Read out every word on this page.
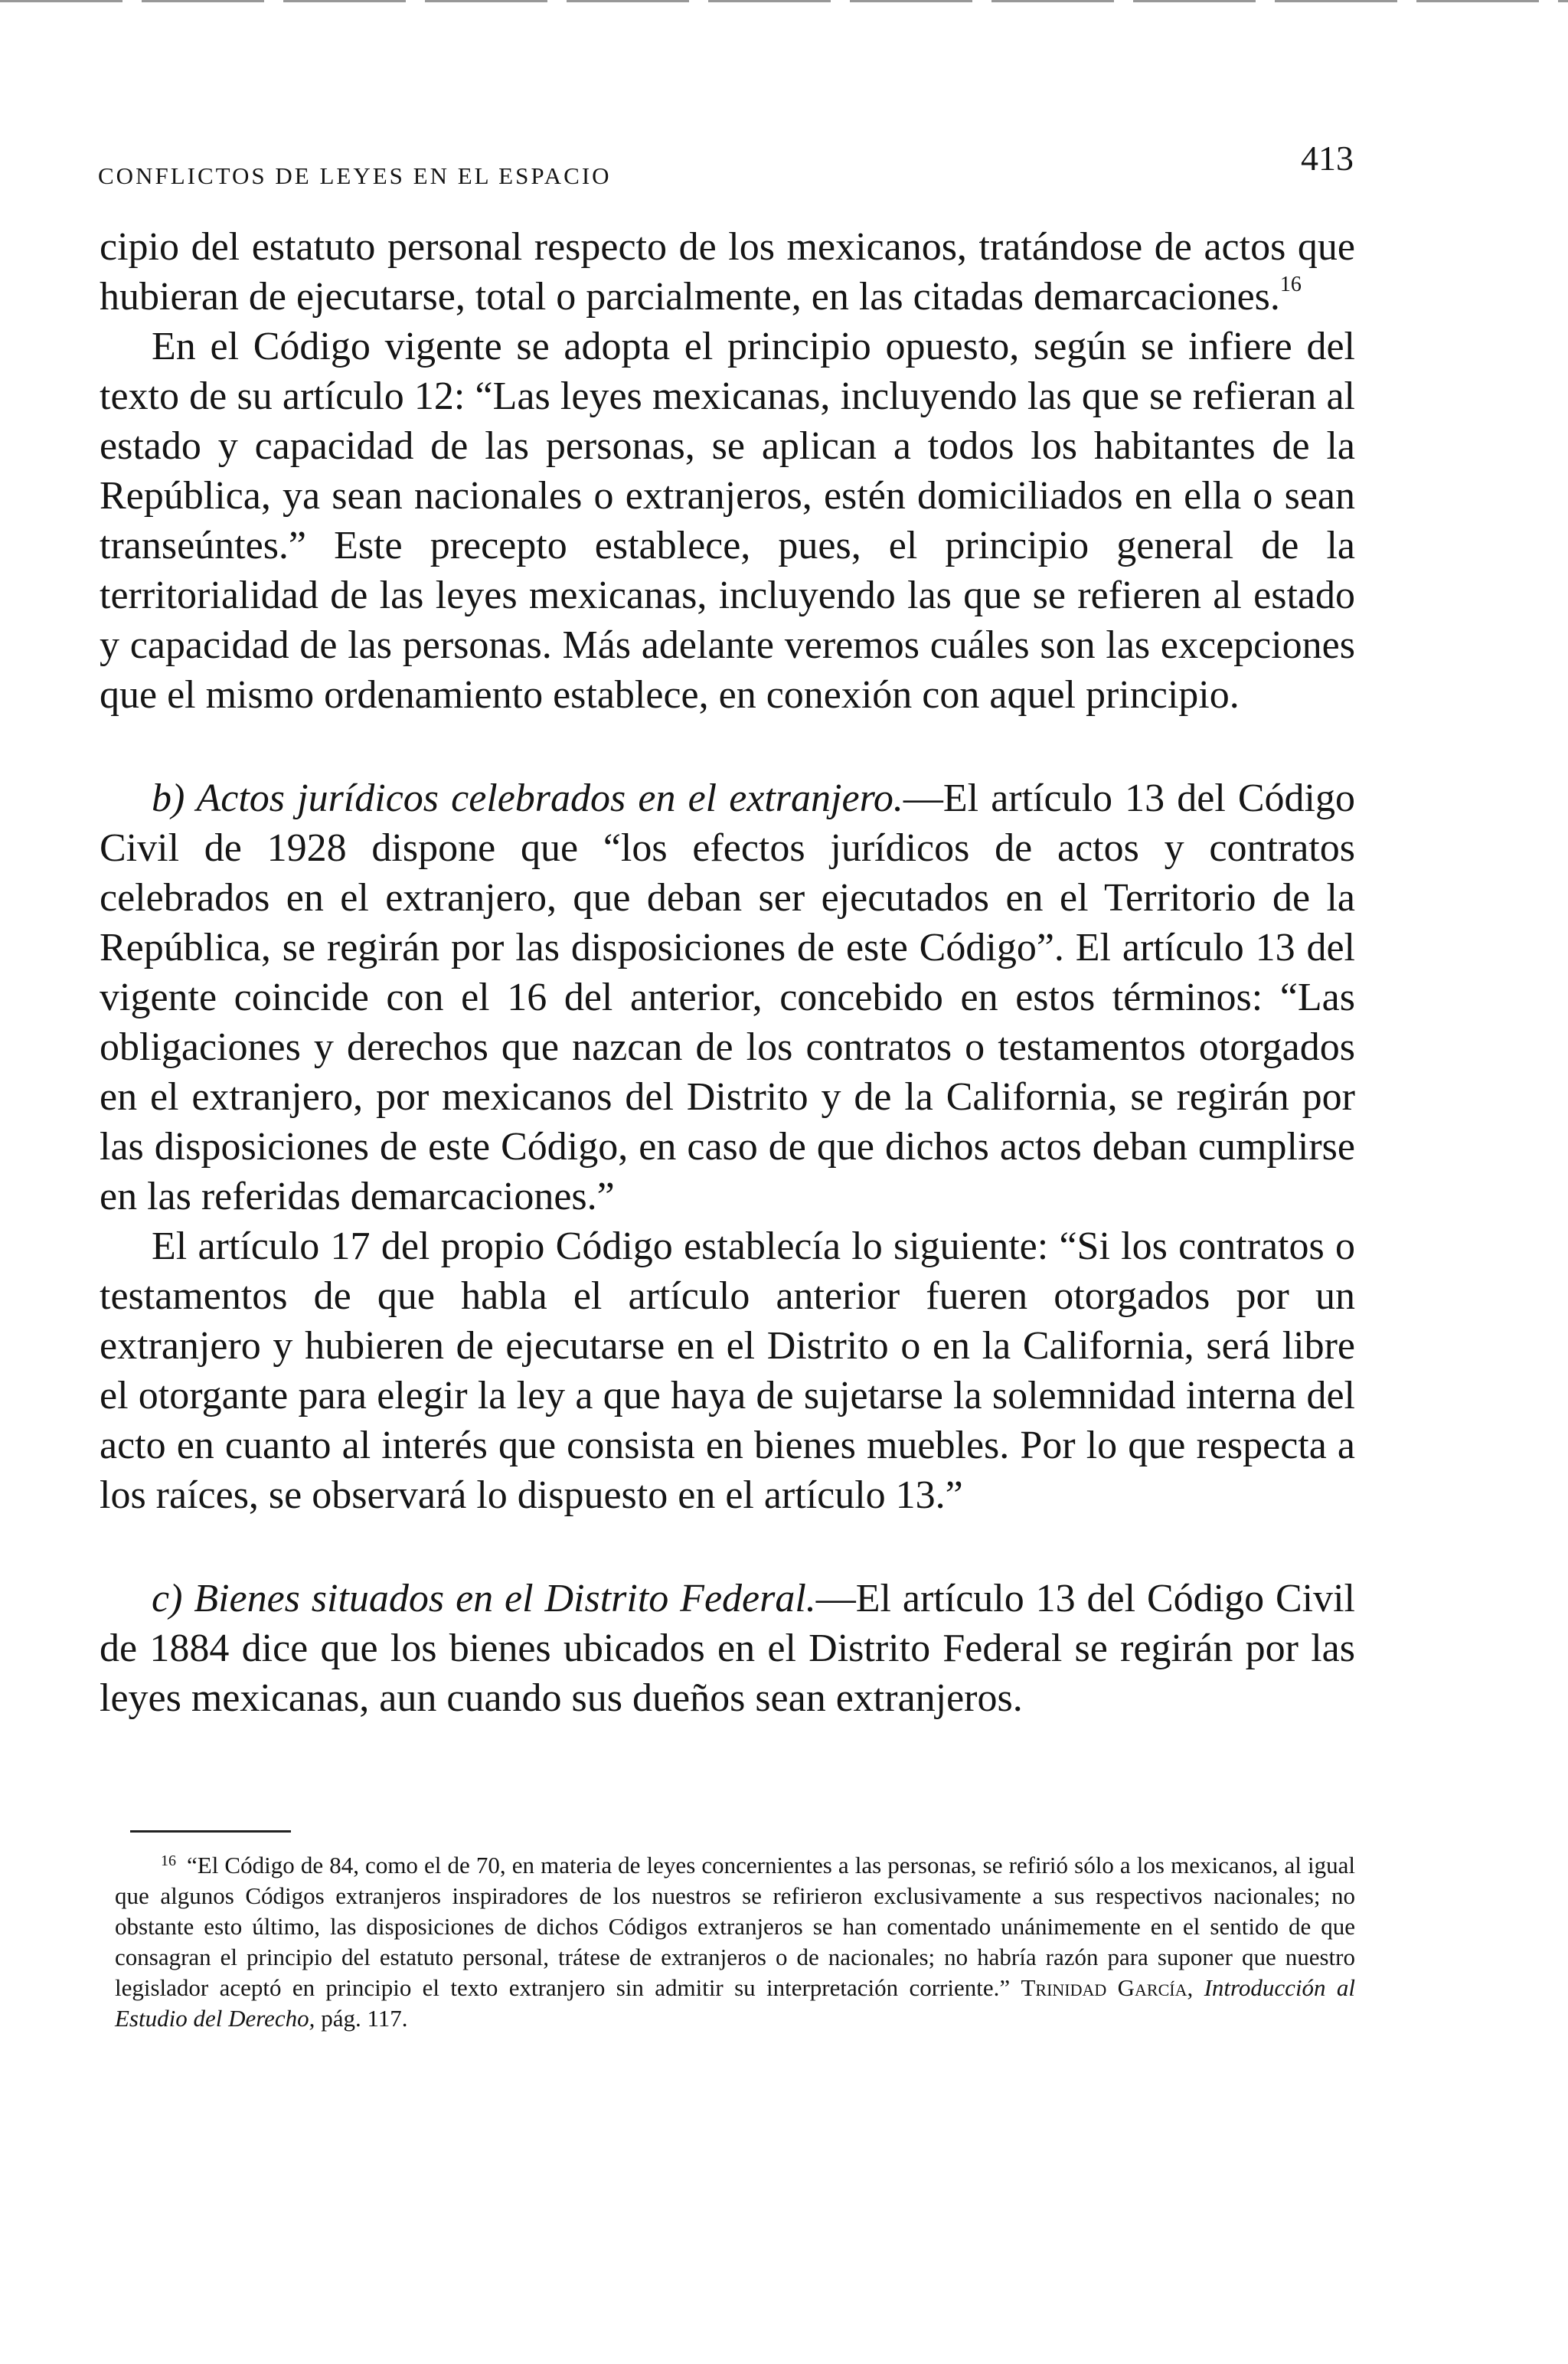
CONFLICTOS DE LEYES EN EL ESPACIO	413

cipio del estatuto personal respecto de los mexicanos, tratándose de actos que hubieran de ejecutarse, total o parcialmente, en las citadas demarcaciones.$^{16}$

En el Código vigente se adopta el principio opuesto, según se infiere del texto de su artículo 12: “Las leyes mexicanas, incluyendo las que se refieran al estado y capacidad de las personas, se aplican a todos los habitantes de la República, ya sean nacionales o extranjeros, estén domiciliados en ella o sean transeúntes.” Este precepto establece, pues, el principio general de la territorialidad de las leyes mexicanas, incluyendo las que se refieren al estado y capacidad de las personas. Más adelante veremos cuáles son las excepciones que el mismo ordenamiento establece, en conexión con aquel principio.

b) Actos jurídicos celebrados en el extranjero.—El artículo 13 del Código Civil de 1928 dispone que “los efectos jurídicos de actos y contratos celebrados en el extranjero, que deban ser ejecutados en el Territorio de la República, se regirán por las disposiciones de este Código”. El artículo 13 del vigente coincide con el 16 del anterior, concebido en estos términos: “Las obligaciones y derechos que nazcan de los contratos o testamentos otorgados en el extranjero, por mexicanos del Distrito y de la California, se regirán por las disposiciones de este Código, en caso de que dichos actos deban cumplirse en las referidas demarcaciones.”

El artículo 17 del propio Código establecía lo siguiente: “Si los contratos o testamentos de que habla el artículo anterior fueren otorgados por un extranjero y hubieren de ejecutarse en el Distrito o en la California, será libre el otorgante para elegir la ley a que haya de sujetarse la solemnidad interna del acto en cuanto al interés que consista en bienes muebles. Por lo que respecta a los raíces, se observará lo dispuesto en el artículo 13.”

c) Bienes situados en el Distrito Federal.—El artículo 13 del Código Civil de 1884 dice que los bienes ubicados en el Distrito Federal se regirán por las leyes mexicanas, aun cuando sus dueños sean extranjeros.

$^{16}$ “El Código de 84, como el de 70, en materia de leyes concernientes a las personas, se refirió sólo a los mexicanos, al igual que algunos Códigos extranjeros inspiradores de los nuestros se refirieron exclusivamente a sus respectivos nacionales; no obstante esto último, las disposiciones de dichos Códigos extranjeros se han comentado unánimemente en el sentido de que consagran el principio del estatuto personal, trátese de extranjeros o de nacionales; no habría razón para suponer que nuestro legislador aceptó en principio el texto extranjero sin admitir su interpretación corriente.” Trinidad García, Introducción al Estudio del Derecho, pág. 117.
